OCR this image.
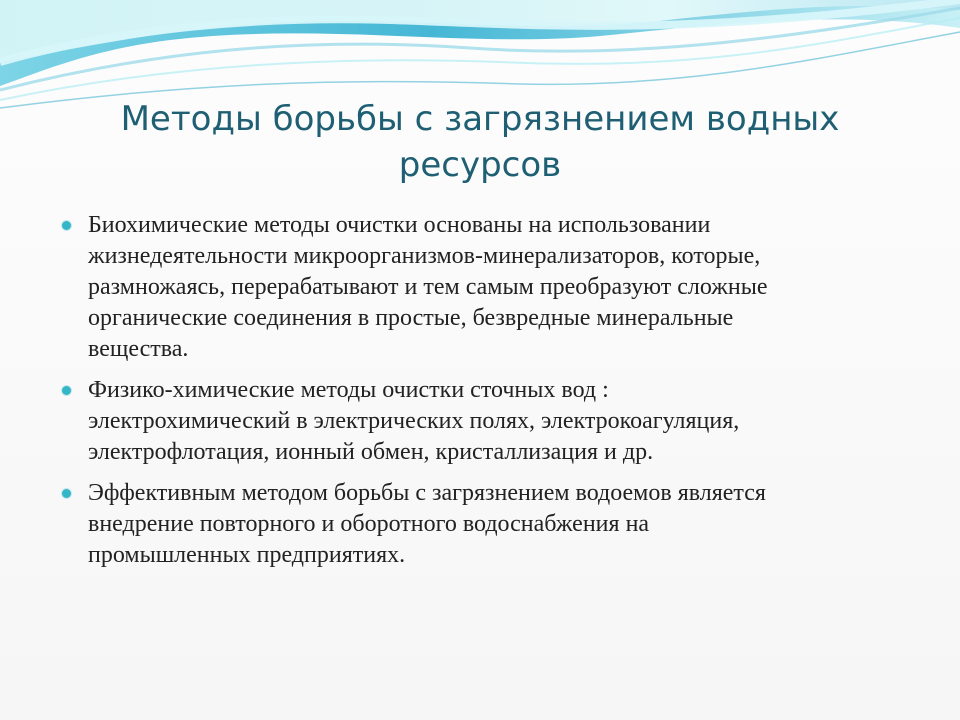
Методы борьбы с загрязнением водных
ресурсов
Биохимические методы очистки основаны на использовании
жизнедеятельности микроорганизмов-минерализаторов, которые,
размножаясь, перерабатывают и тем самым преобразуют сложные
органические соединения в простые, безвредные минеральные
вещества.
Физико-химические методы очистки сточных вод :
электрохимический в электрических полях, электрокоагуляция,
электрофлотация, ионный обмен, кристаллизация и др.
Эффективным методом борьбы с загрязнением водоемов является
внедрение повторного и оборотного водоснабжения на
промышленных предприятиях.
